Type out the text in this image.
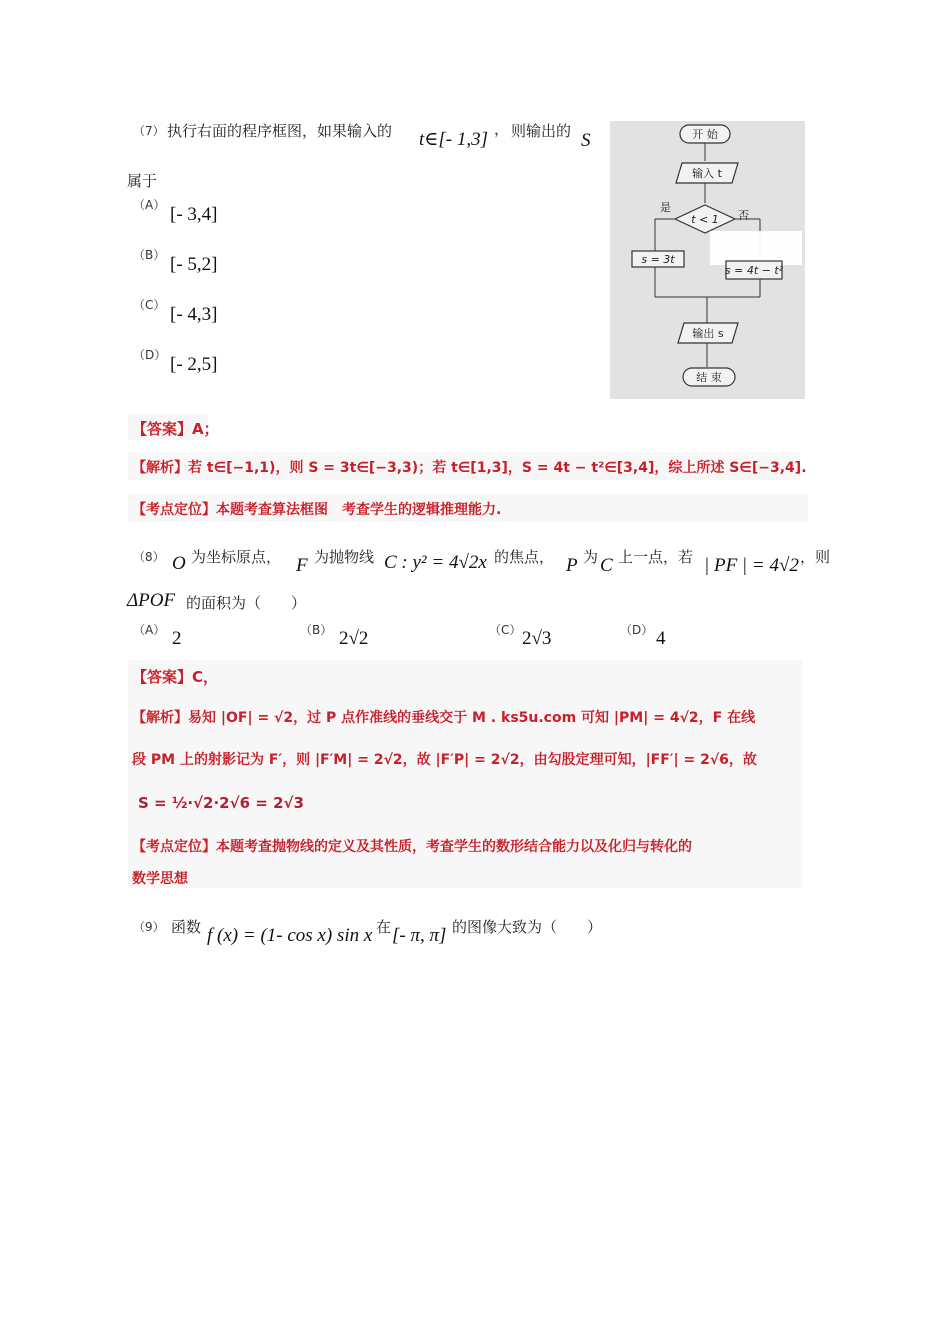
（7） 执行右面的程序框图，如果输入的 t∈[- 1,3] ， 则输出的 S
属于
（A） [- 3,4]
（B） [- 5,2]
（C） [- 4,3]
（D） [- 2,5]
开 始
输入 t
t < 1
是
否
s = 3t
s = 4t − t²
输出 s
结 束
【答案】A；
【解析】若 t∈[−1,1)，则 S = 3t∈[−3,3)；若 t∈[1,3]，S = 4t − t²∈[3,4]，综上所述 S∈[−3,4].
【考点定位】本题考查算法框图　考查学生的逻辑推理能力.
（8） O 为坐标原点， F 为抛物线 C : y² = 4√2x 的焦点， P 为 C 上一点，若 | PF | = 4√2 ，则
ΔPOF 的面积为（　　）
（A） 2	（B） 2√2	（C） 2√3	（D） 4
【答案】C，
【解析】易知 |OF| = √2，过 P 点作准线的垂线交于 M . ks5u.com 可知 |PM| = 4√2，F 在线
段 PM 上的射影记为 F′，则 |F′M| = 2√2，故 |F′P| = 2√2，由勾股定理可知，|FF′| = 2√6，故
S = ½·√2·2√6 = 2√3
【考点定位】本题考查抛物线的定义及其性质，考查学生的数形结合能力以及化归与转化的
数学思想
（9） 函数 f (x) = (1- cos x) sin x 在 [- π, π] 的图像大致为（　　）
